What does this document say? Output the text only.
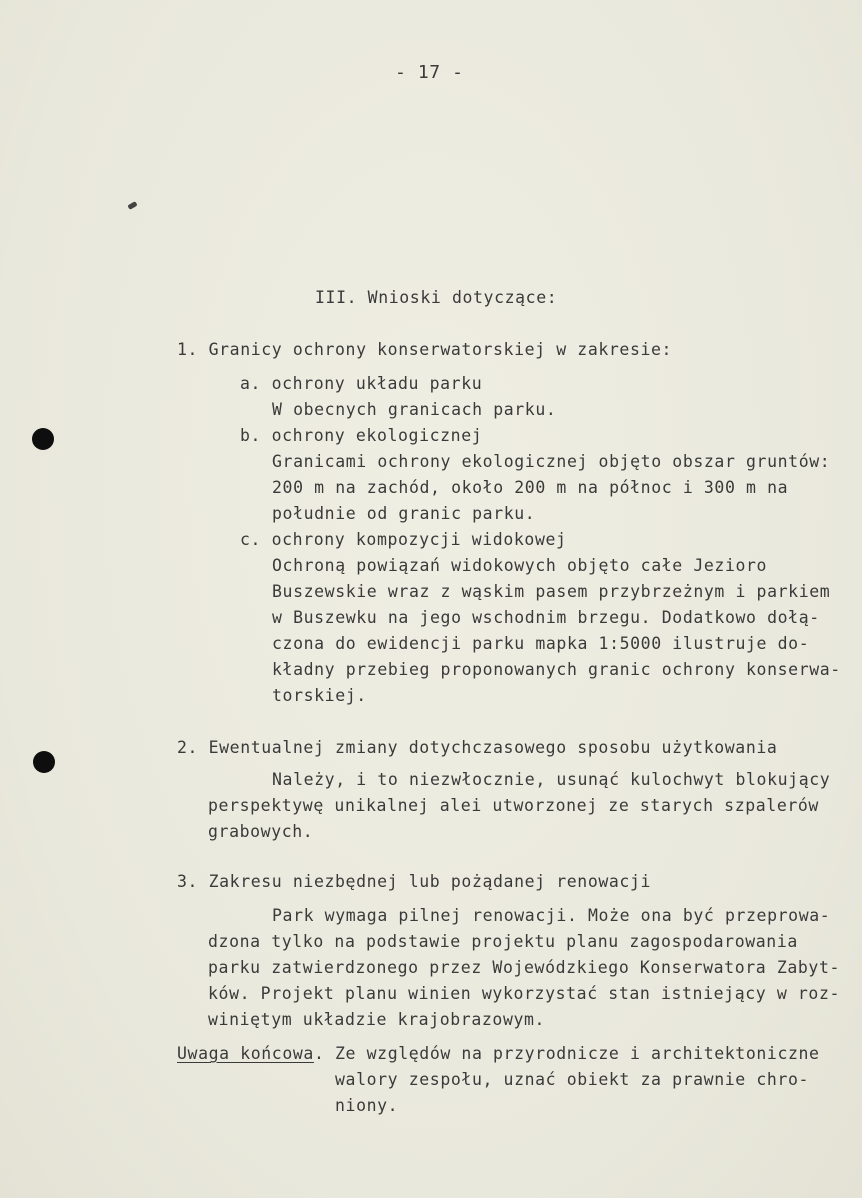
- 17 -
III. Wnioski dotyczące:
1. Granicy ochrony konserwatorskiej w zakresie:
a. ochrony układu parku
W obecnych granicach parku.
b. ochrony ekologicznej
Granicami ochrony ekologicznej objęto obszar gruntów:
200 m na zachód, około 200 m na północ i 300 m na
południe od granic parku.
c. ochrony kompozycji widokowej
Ochroną powiązań widokowych objęto całe Jezioro
Buszewskie wraz z wąskim pasem przybrzeżnym i parkiem
w Buszewku na jego wschodnim brzegu. Dodatkowo dołą-
czona do ewidencji parku mapka 1:5000 ilustruje do-
kładny przebieg proponowanych granic ochrony konserwa-
torskiej.
2. Ewentualnej zmiany dotychczasowego sposobu użytkowania
Należy, i to niezwłocznie, usunąć kulochwyt blokujący
perspektywę unikalnej alei utworzonej ze starych szpalerów
grabowych.
3. Zakresu niezbędnej lub pożądanej renowacji
Park wymaga pilnej renowacji. Może ona być przeprowa-
dzona tylko na podstawie projektu planu zagospodarowania
parku zatwierdzonego przez Wojewódzkiego Konserwatora Zabyt-
ków. Projekt planu winien wykorzystać stan istniejący w roz-
winiętym układzie krajobrazowym.
Uwaga końcowa. Ze względów na przyrodnicze i architektoniczne
walory zespołu, uznać obiekt za prawnie chro-
niony.
